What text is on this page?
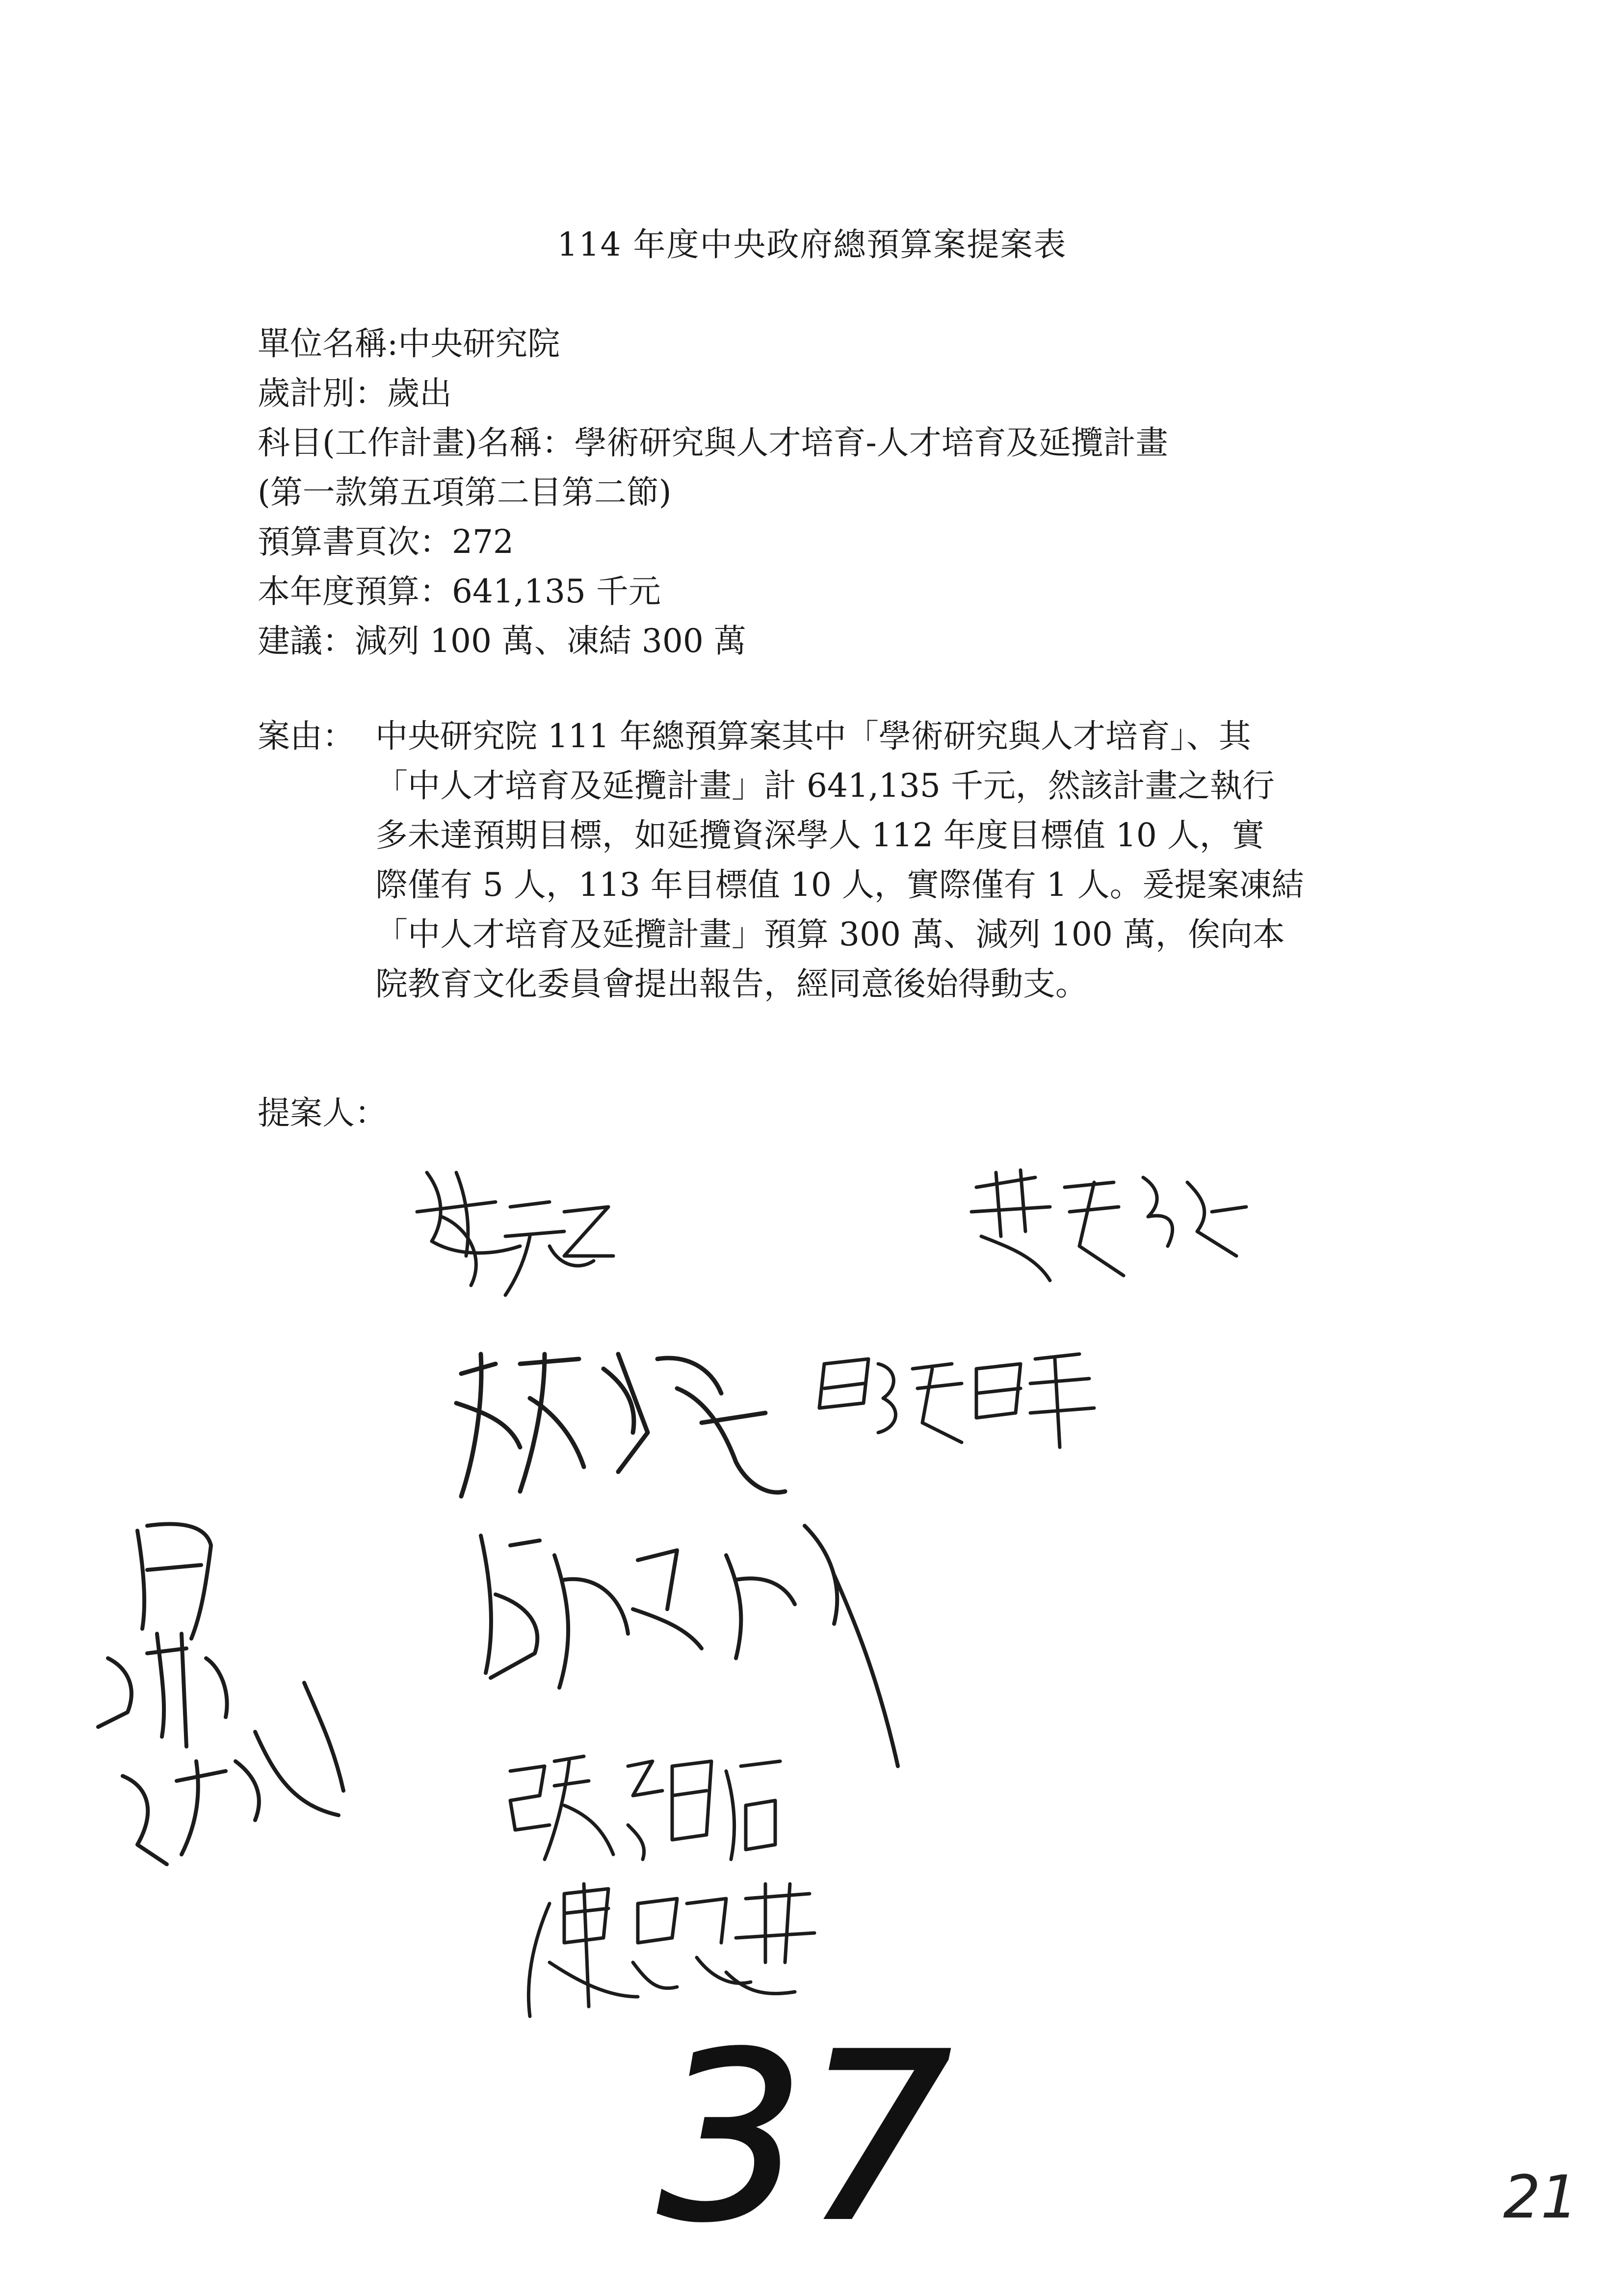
114 年度中央政府總預算案提案表
單位名稱:中央研究院
歲計別：歲出
科目(工作計畫)名稱：學術研究與人才培育-人才培育及延攬計畫
(第一款第五項第二目第二節)
預算書頁次：272
本年度預算：641,135 千元
建議：減列 100 萬、凍結 300 萬
案由： 中央研究院 111 年總預算案其中「學術研究與人才培育」、其
「中人才培育及延攬計畫」計 641,135 千元，然該計畫之執行
多未達預期目標，如延攬資深學人 112 年度目標值 10 人，實
際僅有 5 人，113 年目標值 10 人，實際僅有 1 人。爰提案凍結
「中人才培育及延攬計畫」預算 300 萬、減列 100 萬，俟向本
院教育文化委員會提出報告，經同意後始得動支。
提案人：
37	21
